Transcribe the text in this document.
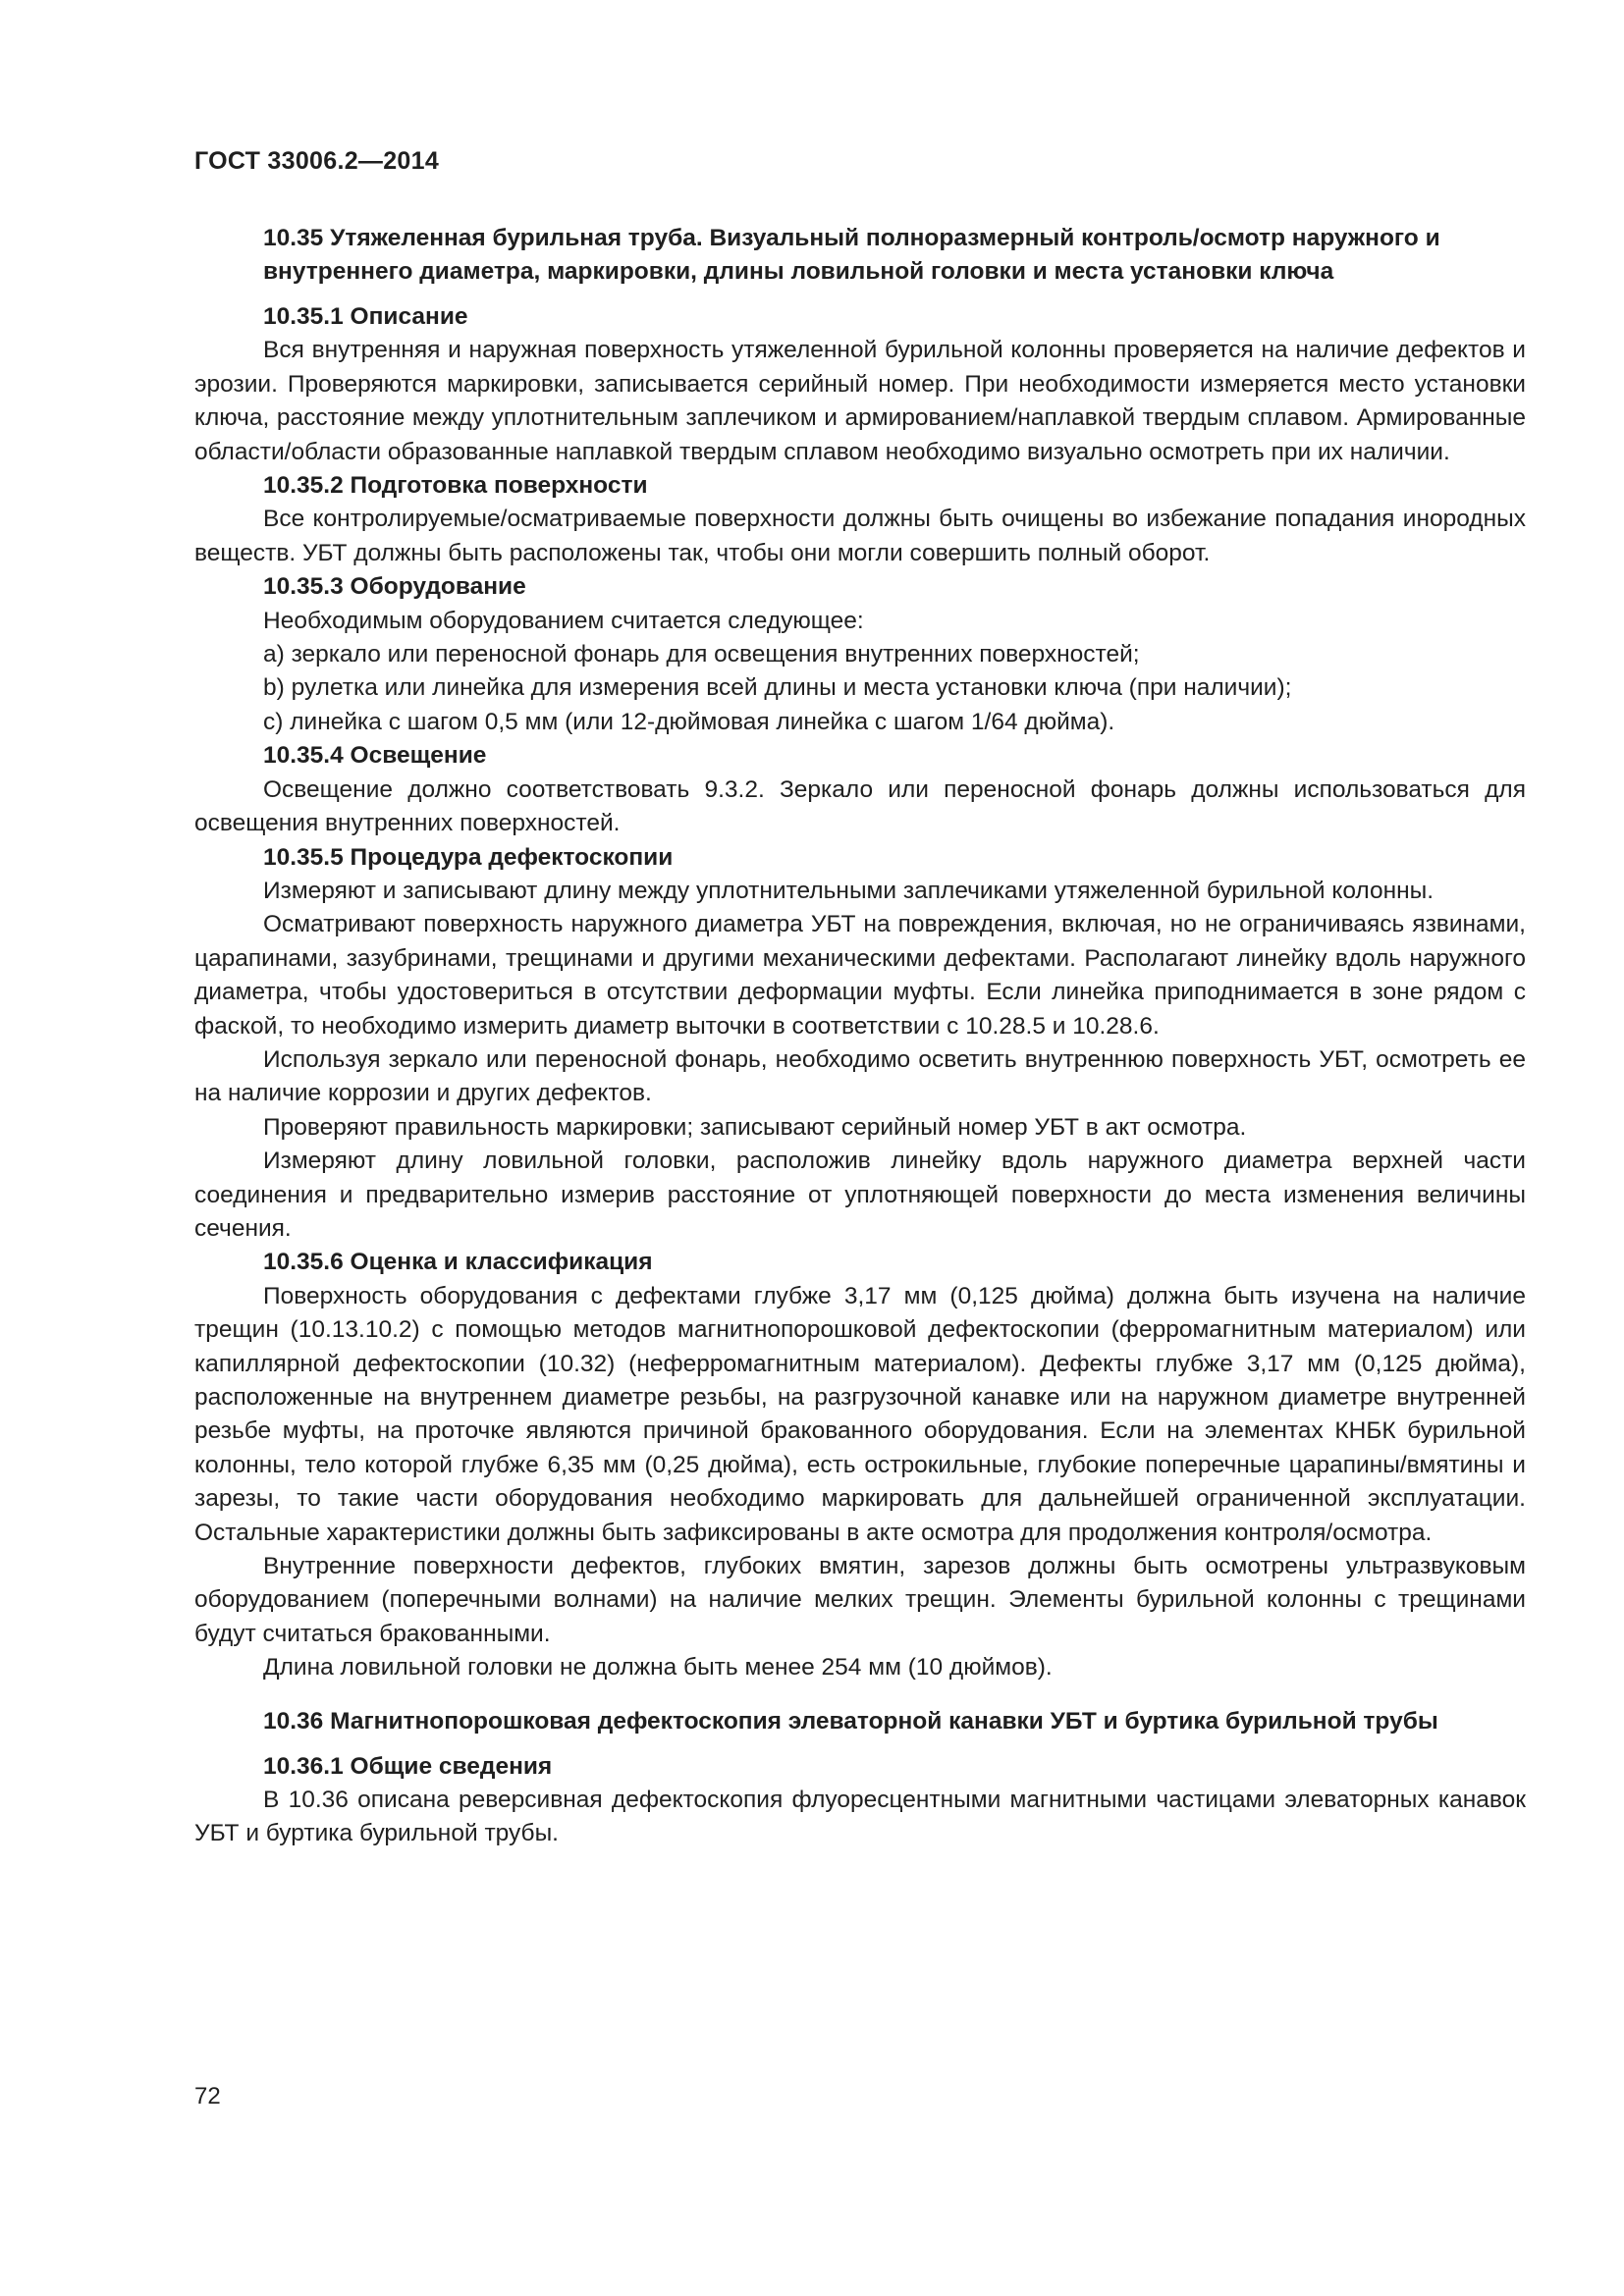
ГОСТ 33006.2—2014

10.35 Утяжеленная бурильная труба. Визуальный полноразмерный контроль/осмотр наружного и внутреннего диаметра, маркировки, длины ловильной головки и места установки ключа

10.35.1 Описание

Вся внутренняя и наружная поверхность утяжеленной бурильной колонны проверяется на наличие дефектов и эрозии. Проверяются маркировки, записывается серийный номер. При необходимости измеряется место установки ключа, расстояние между уплотнительным заплечиком и армированием/наплавкой твердым сплавом. Армированные области/области образованные наплавкой твердым сплавом необходимо визуально осмотреть при их наличии.

10.35.2 Подготовка поверхности

Все контролируемые/осматриваемые поверхности должны быть очищены во избежание попадания инородных веществ. УБТ должны быть расположены так, чтобы они могли совершить полный оборот.

10.35.3 Оборудование

Необходимым оборудованием считается следующее:

a) зеркало или переносной фонарь для освещения внутренних поверхностей;

b) рулетка или линейка для измерения всей длины и места установки ключа (при наличии);

c) линейка с шагом 0,5 мм (или 12-дюймовая линейка с шагом 1/64 дюйма).

10.35.4 Освещение

Освещение должно соответствовать 9.3.2. Зеркало или переносной фонарь должны использоваться для освещения внутренних поверхностей.

10.35.5 Процедура дефектоскопии

Измеряют и записывают длину между уплотнительными заплечиками утяжеленной бурильной колонны.

Осматривают поверхность наружного диаметра УБТ на повреждения, включая, но не ограничиваясь язвинами, царапинами, зазубринами, трещинами и другими механическими дефектами. Располагают линейку вдоль наружного диаметра, чтобы удостовериться в отсутствии деформации муфты. Если линейка приподнимается в зоне рядом с фаской, то необходимо измерить диаметр выточки в соответствии с 10.28.5 и 10.28.6.

Используя зеркало или переносной фонарь, необходимо осветить внутреннюю поверхность УБТ, осмотреть ее на наличие коррозии и других дефектов.

Проверяют правильность маркировки; записывают серийный номер УБТ в акт осмотра.

Измеряют длину ловильной головки, расположив линейку вдоль наружного диаметра верхней части соединения и предварительно измерив расстояние от уплотняющей поверхности до места изменения величины сечения.

10.35.6 Оценка и классификация

Поверхность оборудования с дефектами глубже 3,17 мм (0,125 дюйма) должна быть изучена на наличие трещин (10.13.10.2) с помощью методов магнитнопорошковой дефектоскопии (ферромагнитным материалом) или капиллярной дефектоскопии (10.32) (неферромагнитным материалом). Дефекты глубже 3,17 мм (0,125 дюйма), расположенные на внутреннем диаметре резьбы, на разгрузочной канавке или на наружном диаметре внутренней резьбе муфты, на проточке являются причиной бракованного оборудования. Если на элементах КНБК бурильной колонны, тело которой глубже 6,35 мм (0,25 дюйма), есть острокильные, глубокие поперечные царапины/вмятины и зарезы, то такие части оборудования необходимо маркировать для дальнейшей ограниченной эксплуатации. Остальные характеристики должны быть зафиксированы в акте осмотра для продолжения контроля/осмотра.

Внутренние поверхности дефектов, глубоких вмятин, зарезов должны быть осмотрены ультразвуковым оборудованием (поперечными волнами) на наличие мелких трещин. Элементы бурильной колонны с трещинами будут считаться бракованными.

Длина ловильной головки не должна быть менее 254 мм (10 дюймов).

10.36 Магнитнопорошковая дефектоскопия элеваторной канавки УБТ и буртика бурильной трубы

10.36.1 Общие сведения

В 10.36 описана реверсивная дефектоскопия флуоресцентными магнитными частицами элеваторных канавок УБТ и буртика бурильной трубы.

72
